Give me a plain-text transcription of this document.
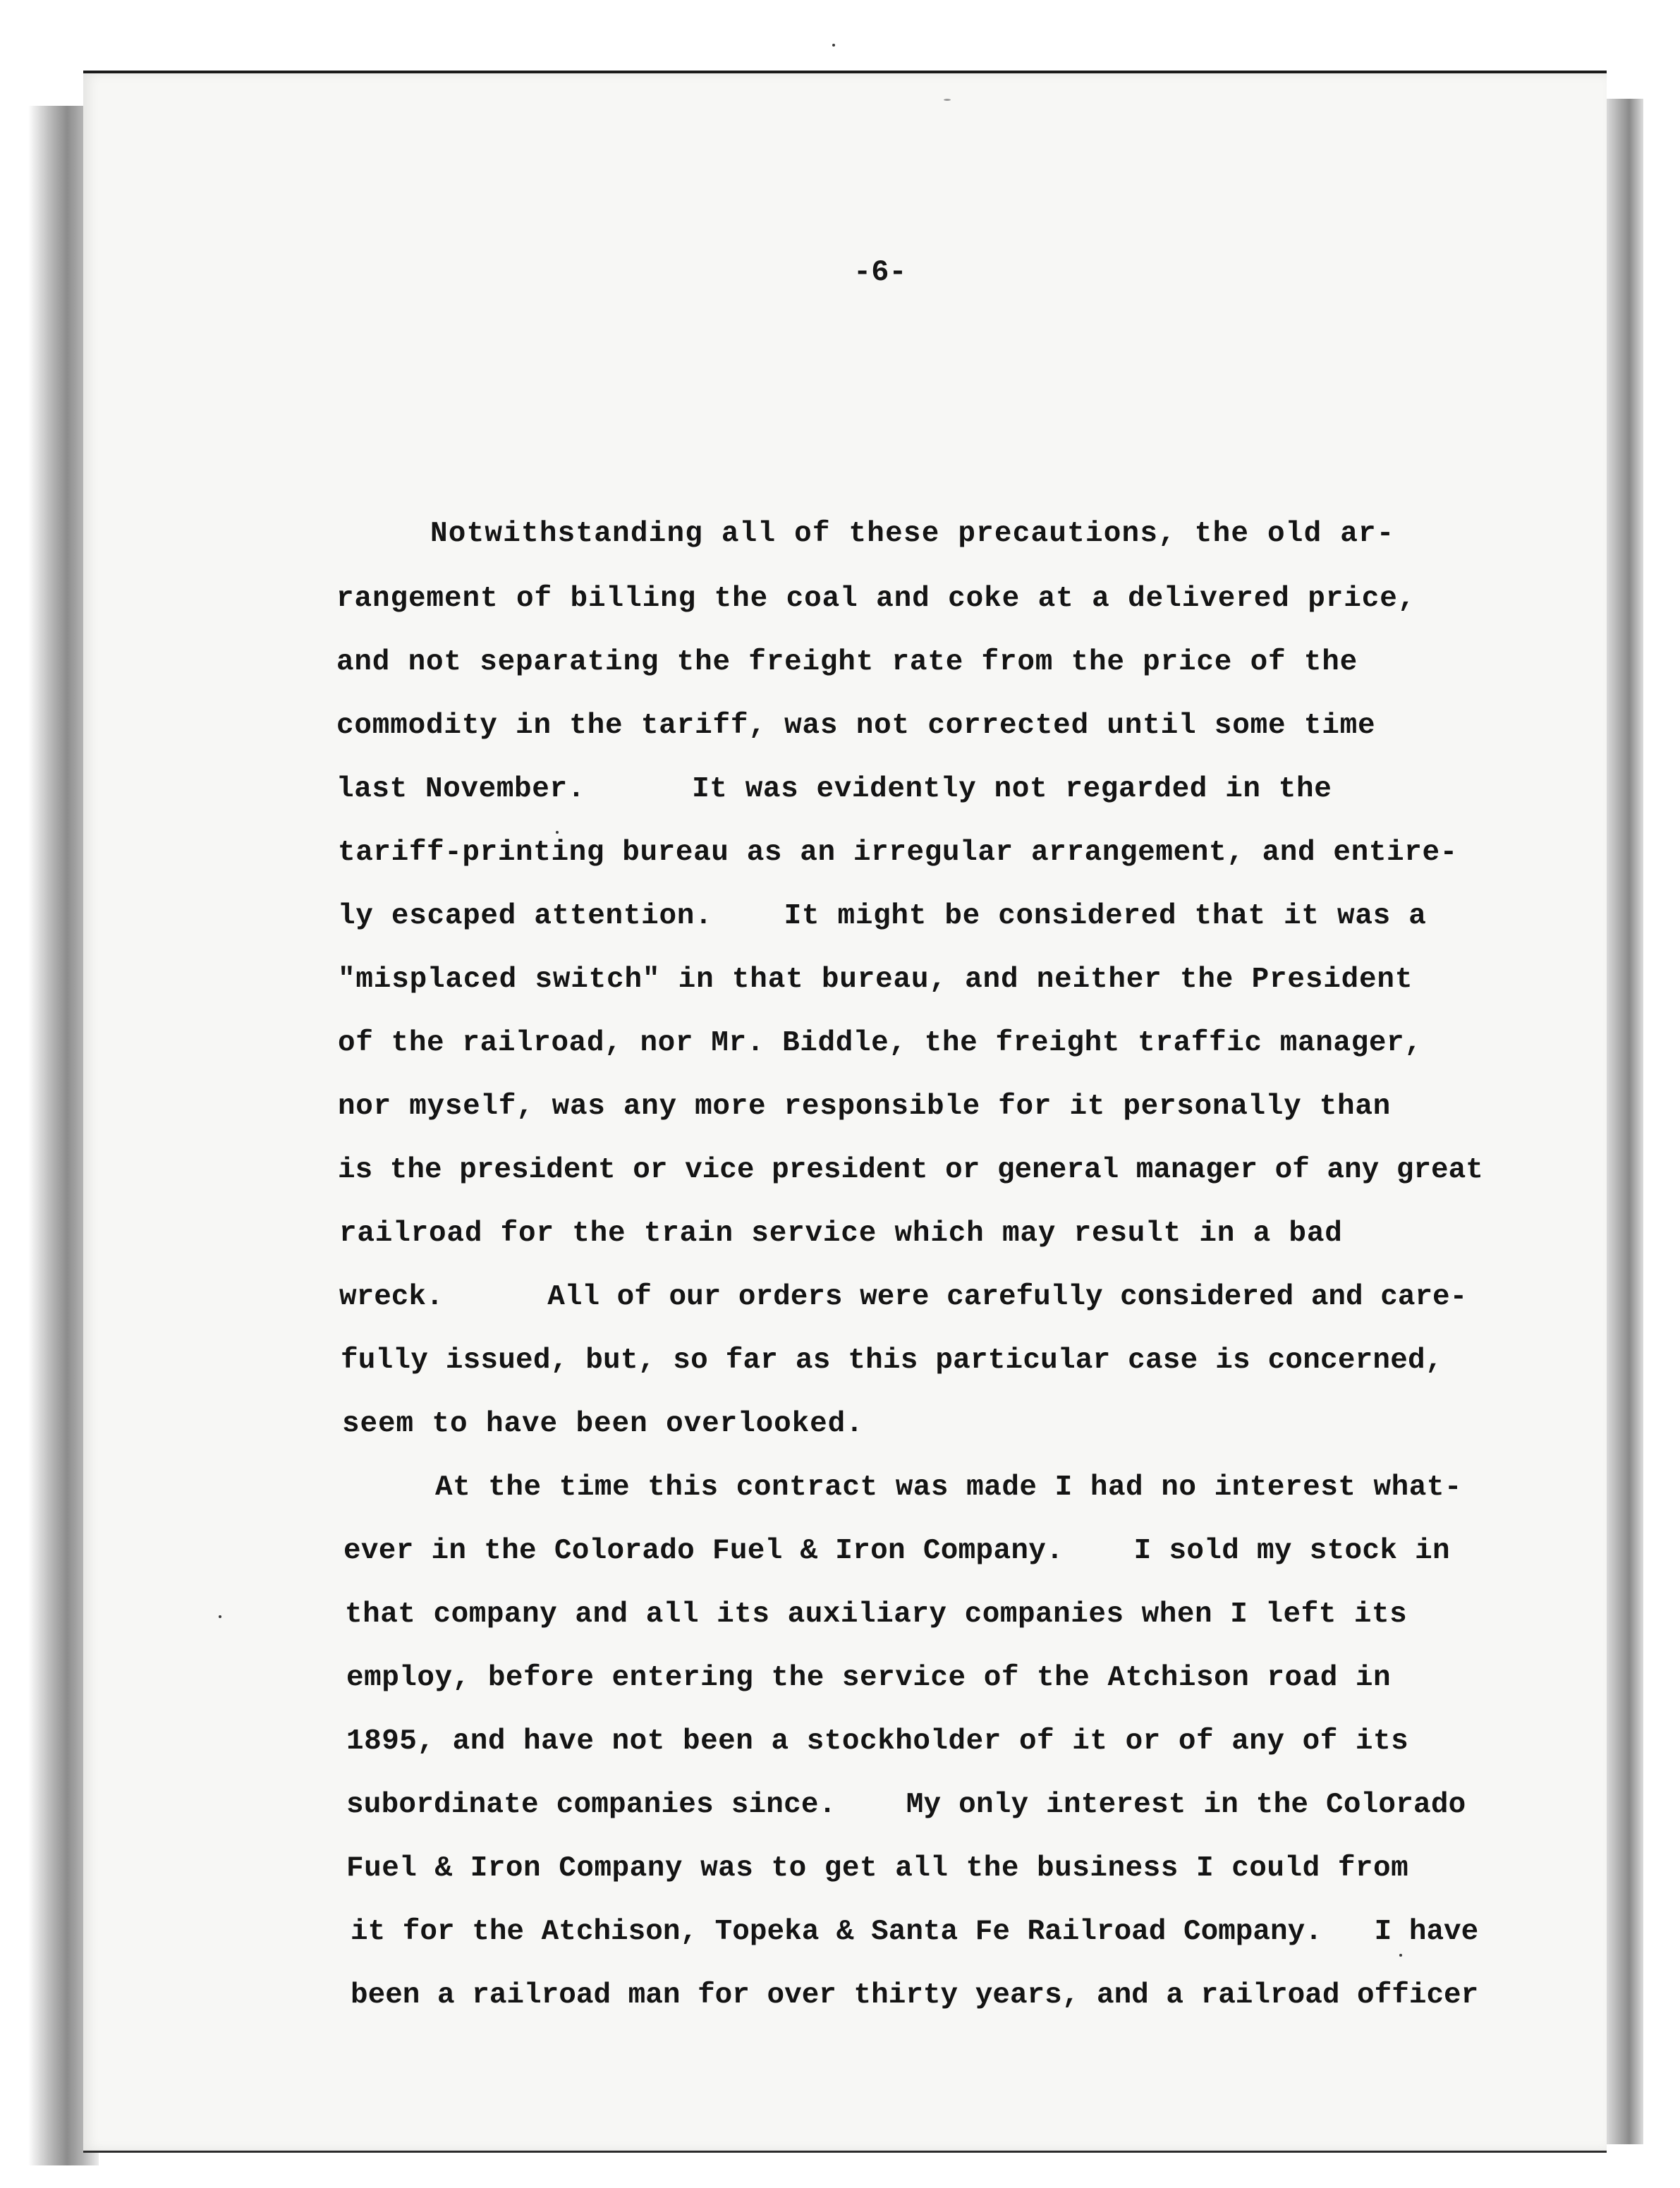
-6-
Notwithstanding all of these precautions, the old ar-
rangement of billing the coal and coke at a delivered price,
and not separating the freight rate from the price of the
commodity in the tariff, was not corrected until some time
last November.      It was evidently not regarded in the
tariff-printing bureau as an irregular arrangement, and entire-
ly escaped attention.    It might be considered that it was a
"misplaced switch" in that bureau, and neither the President
of the railroad, nor Mr. Biddle, the freight traffic manager,
nor myself, was any more responsible for it personally than
is the president or vice president or general manager of any great
railroad for the train service which may result in a bad
wreck.      All of our orders were carefully considered and care-
fully issued, but, so far as this particular case is concerned,
seem to have been overlooked.
At the time this contract was made I had no interest what-
ever in the Colorado Fuel & Iron Company.    I sold my stock in
that company and all its auxiliary companies when I left its
employ, before entering the service of the Atchison road in
1895, and have not been a stockholder of it or of any of its
subordinate companies since.    My only interest in the Colorado
Fuel & Iron Company was to get all the business I could from
it for the Atchison, Topeka & Santa Fe Railroad Company.   I have
been a railroad man for over thirty years, and a railroad officer
